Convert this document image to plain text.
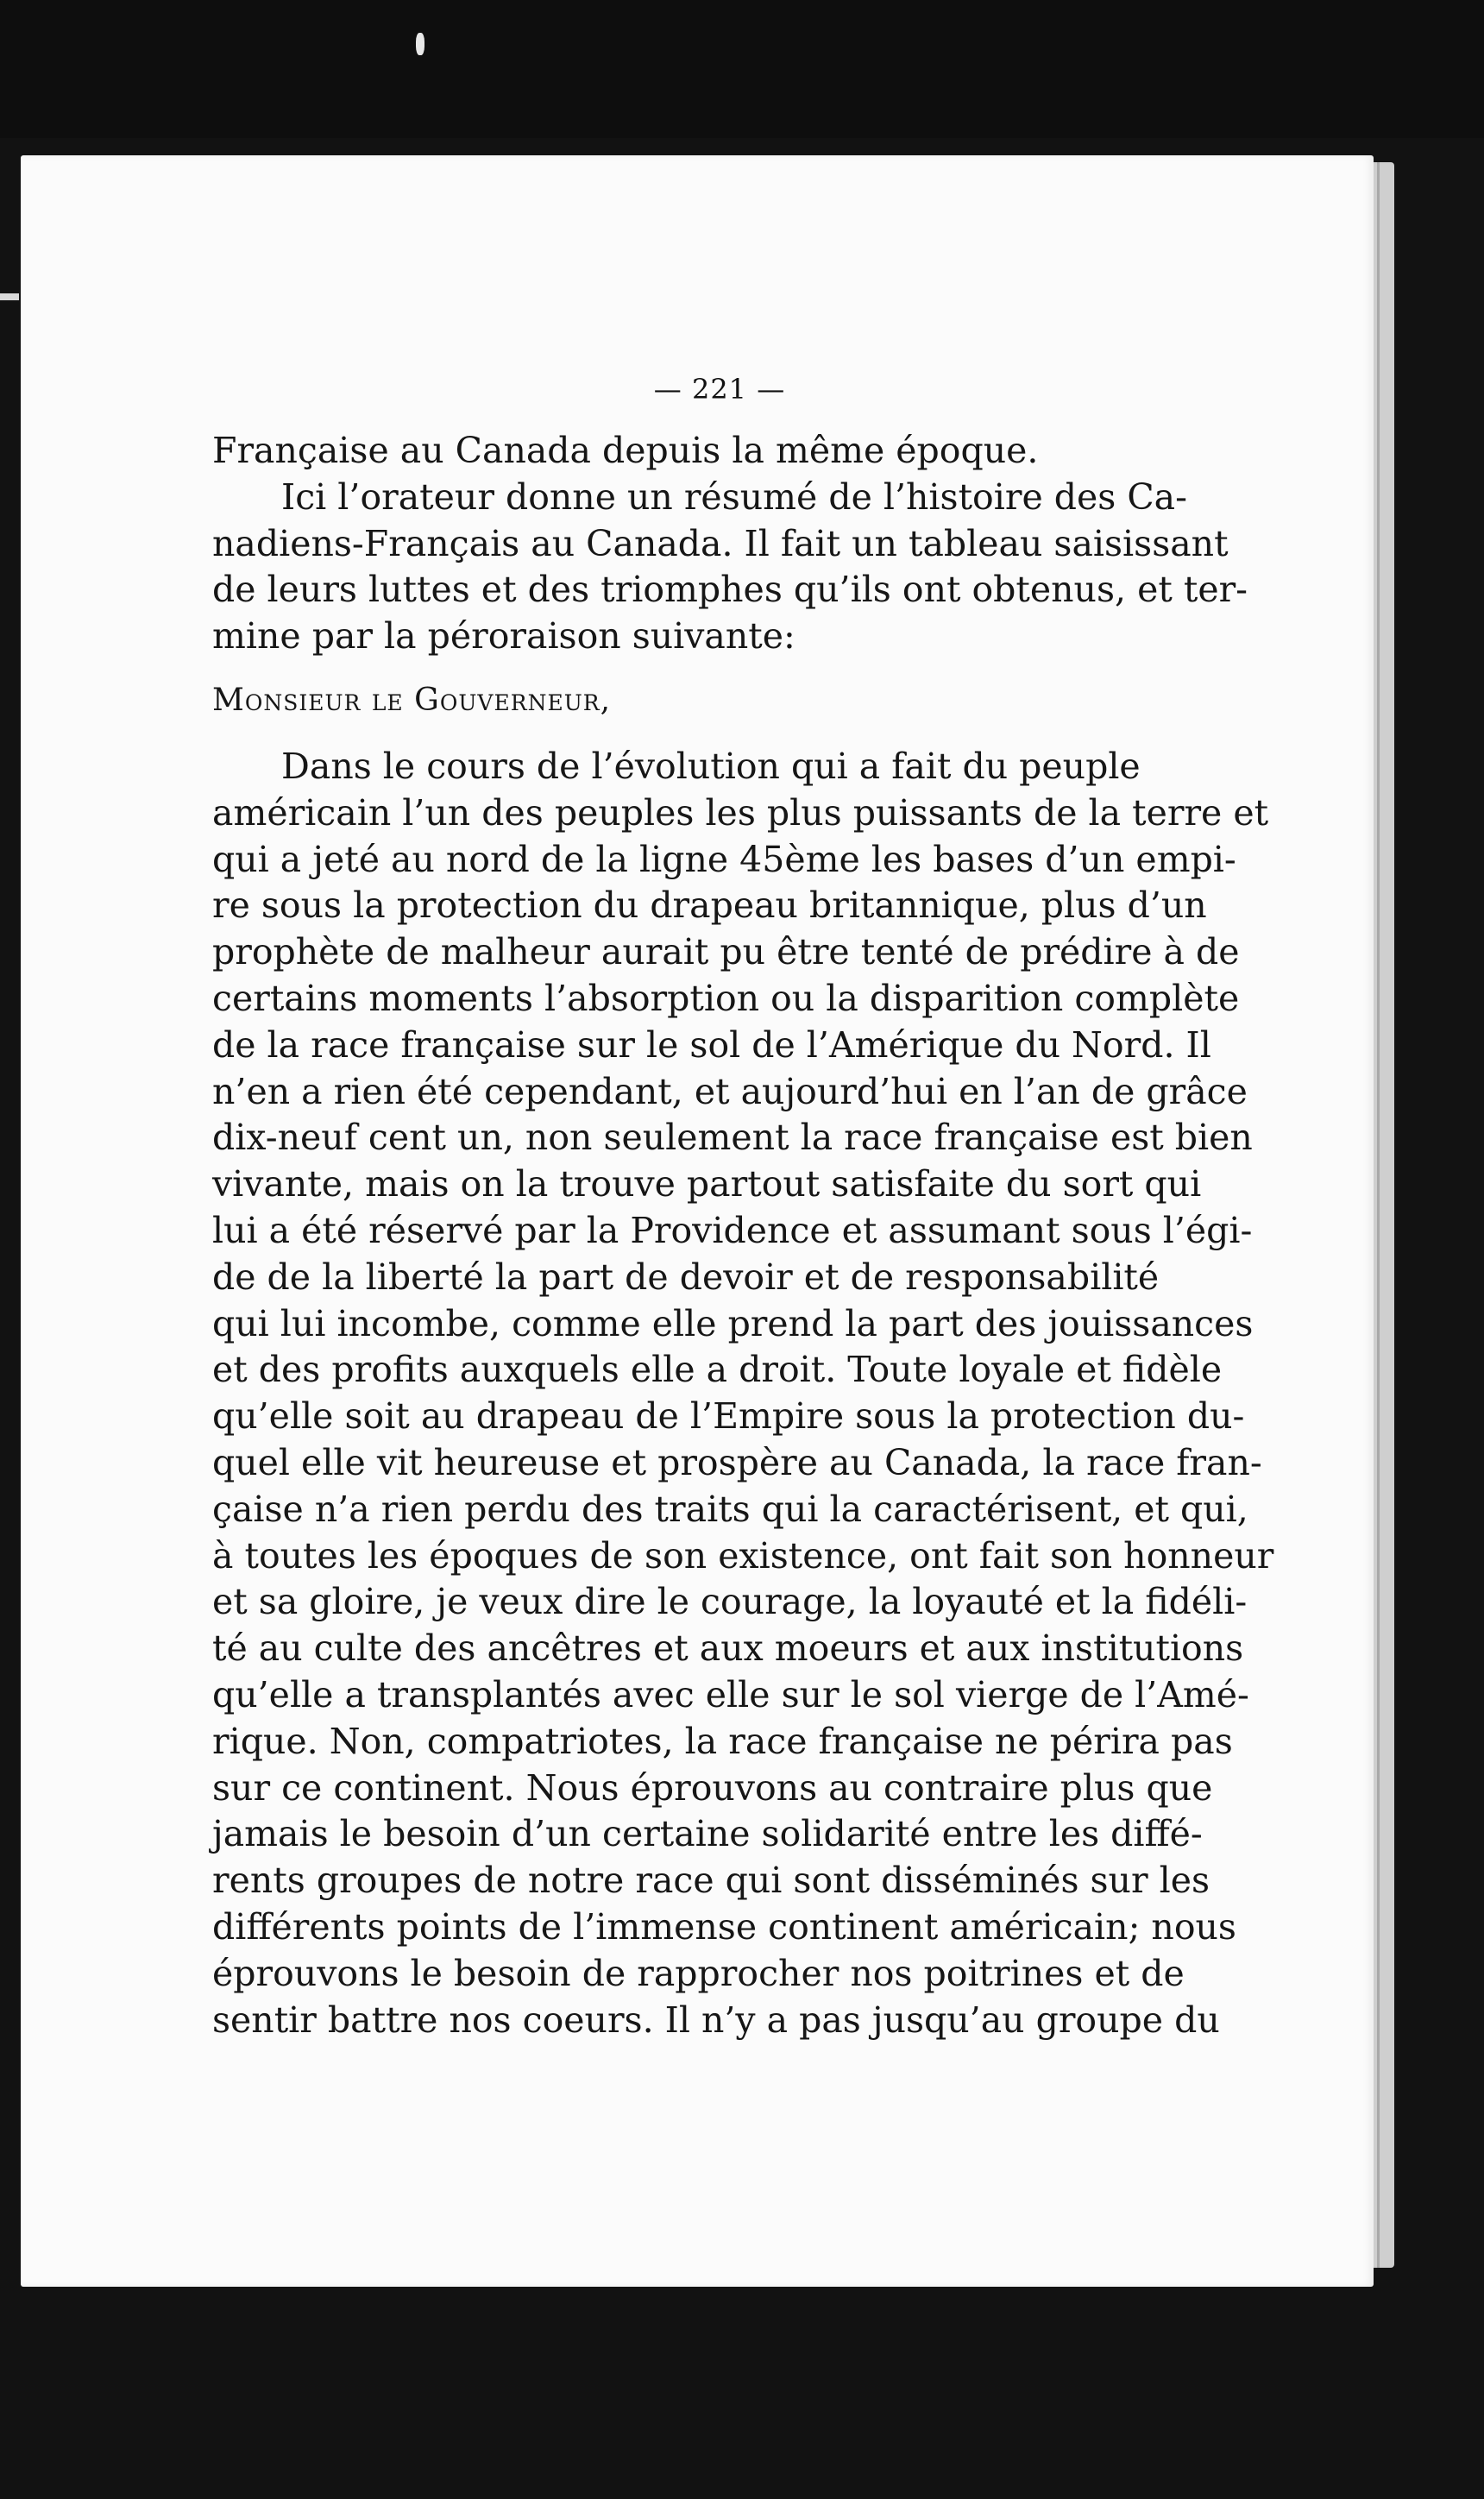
— 221 —
Française au Canada depuis la même époque.
Ici l’orateur donne un résumé de l’histoire des Ca-
nadiens-Français au Canada. Il fait un tableau saisissant
de leurs luttes et des triomphes qu’ils ont obtenus, et ter-
mine par la péroraison suivante:
Monsieur le Gouverneur,
Dans le cours de l’évolution qui a fait du peuple
américain l’un des peuples les plus puissants de la terre et
qui a jeté au nord de la ligne 45ème les bases d’un empi-
re sous la protection du drapeau britannique, plus d’un
prophète de malheur aurait pu être tenté de prédire à de
certains moments l’absorption ou la disparition complète
de la race française sur le sol de l’Amérique du Nord. Il
n’en a rien été cependant, et aujourd’hui en l’an de grâce
dix-neuf cent un, non seulement la race française est bien
vivante, mais on la trouve partout satisfaite du sort qui
lui a été réservé par la Providence et assumant sous l’égi-
de de la liberté la part de devoir et de responsabilité
qui lui incombe, comme elle prend la part des jouissances
et des profits auxquels elle a droit. Toute loyale et fidèle
qu’elle soit au drapeau de l’Empire sous la protection du-
quel elle vit heureuse et prospère au Canada, la race fran-
çaise n’a rien perdu des traits qui la caractérisent, et qui,
à toutes les époques de son existence, ont fait son honneur
et sa gloire, je veux dire le courage, la loyauté et la fidéli-
té au culte des ancêtres et aux moeurs et aux institutions
qu’elle a transplantés avec elle sur le sol vierge de l’Amé-
rique. Non, compatriotes, la race française ne périra pas
sur ce continent. Nous éprouvons au contraire plus que
jamais le besoin d’un certaine solidarité entre les diffé-
rents groupes de notre race qui sont disséminés sur les
différents points de l’immense continent américain; nous
éprouvons le besoin de rapprocher nos poitrines et de
sentir battre nos coeurs. Il n’y a pas jusqu’au groupe du
